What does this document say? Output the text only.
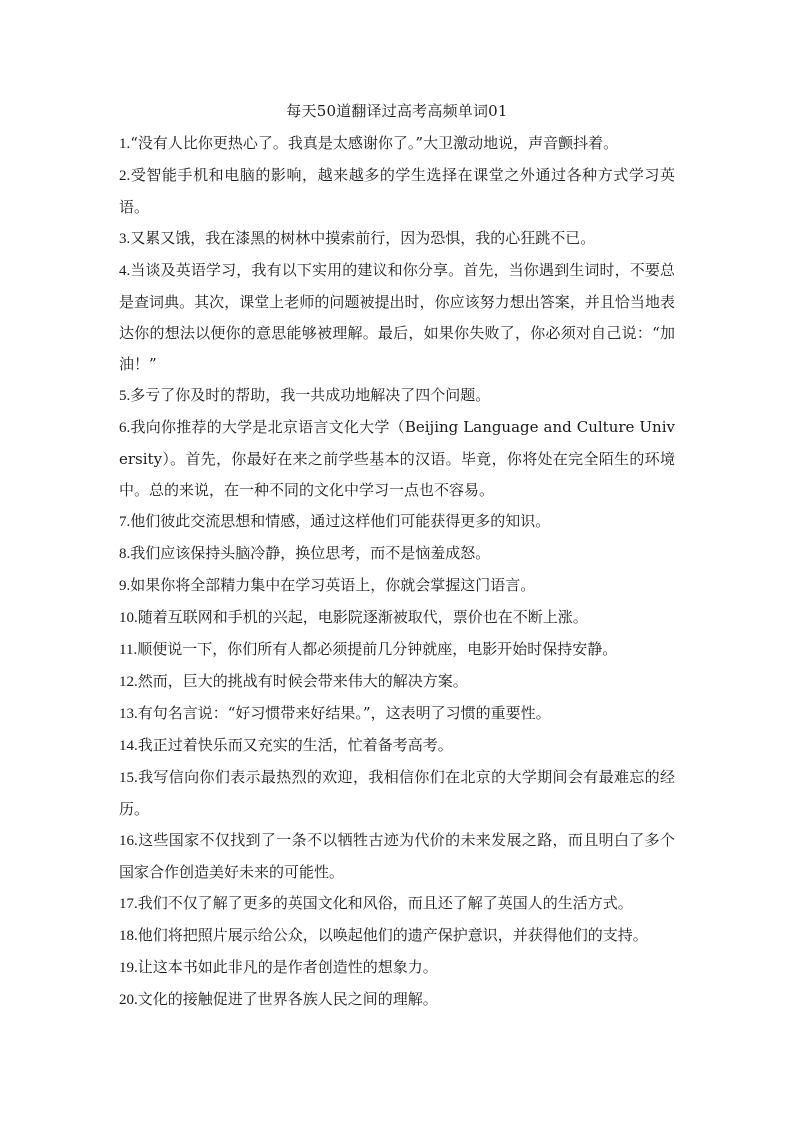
每天50道翻译过高考高频单词01

1.“没有人比你更热心了。我真是太感谢你了。”大卫激动地说，声音颤抖着。

2.受智能手机和电脑的影响，越来越多的学生选择在课堂之外通过各种方式学习英语。

3.又累又饿，我在漆黑的树林中摸索前行，因为恐惧，我的心狂跳不已。

4.当谈及英语学习，我有以下实用的建议和你分享。首先，当你遇到生词时，不要总是查词典。其次，课堂上老师的问题被提出时，你应该努力想出答案，并且恰当地表达你的想法以便你的意思能够被理解。最后，如果你失败了，你必须对自己说：“加油！”

5.多亏了你及时的帮助，我一共成功地解决了四个问题。

6.我向你推荐的大学是北京语言文化大学（Beijing Language and Culture University）。首先，你最好在来之前学些基本的汉语。毕竟，你将处在完全陌生的环境中。总的来说，在一种不同的文化中学习一点也不容易。

7.他们彼此交流思想和情感，通过这样他们可能获得更多的知识。

8.我们应该保持头脑冷静，换位思考，而不是恼羞成怒。

9.如果你将全部精力集中在学习英语上，你就会掌握这门语言。

10.随着互联网和手机的兴起，电影院逐渐被取代，票价也在不断上涨。

11.顺便说一下，你们所有人都必须提前几分钟就座，电影开始时保持安静。

12.然而，巨大的挑战有时候会带来伟大的解决方案。

13.有句名言说：“好习惯带来好结果。”，这表明了习惯的重要性。

14.我正过着快乐而又充实的生活，忙着备考高考。

15.我写信向你们表示最热烈的欢迎，我相信你们在北京的大学期间会有最难忘的经历。

16.这些国家不仅找到了一条不以牺牲古迹为代价的未来发展之路，而且明白了多个国家合作创造美好未来的可能性。

17.我们不仅了解了更多的英国文化和风俗，而且还了解了英国人的生活方式。

18.他们将把照片展示给公众，以唤起他们的遗产保护意识，并获得他们的支持。

19.让这本书如此非凡的是作者创造性的想象力。

20.文化的接触促进了世界各族人民之间的理解。
